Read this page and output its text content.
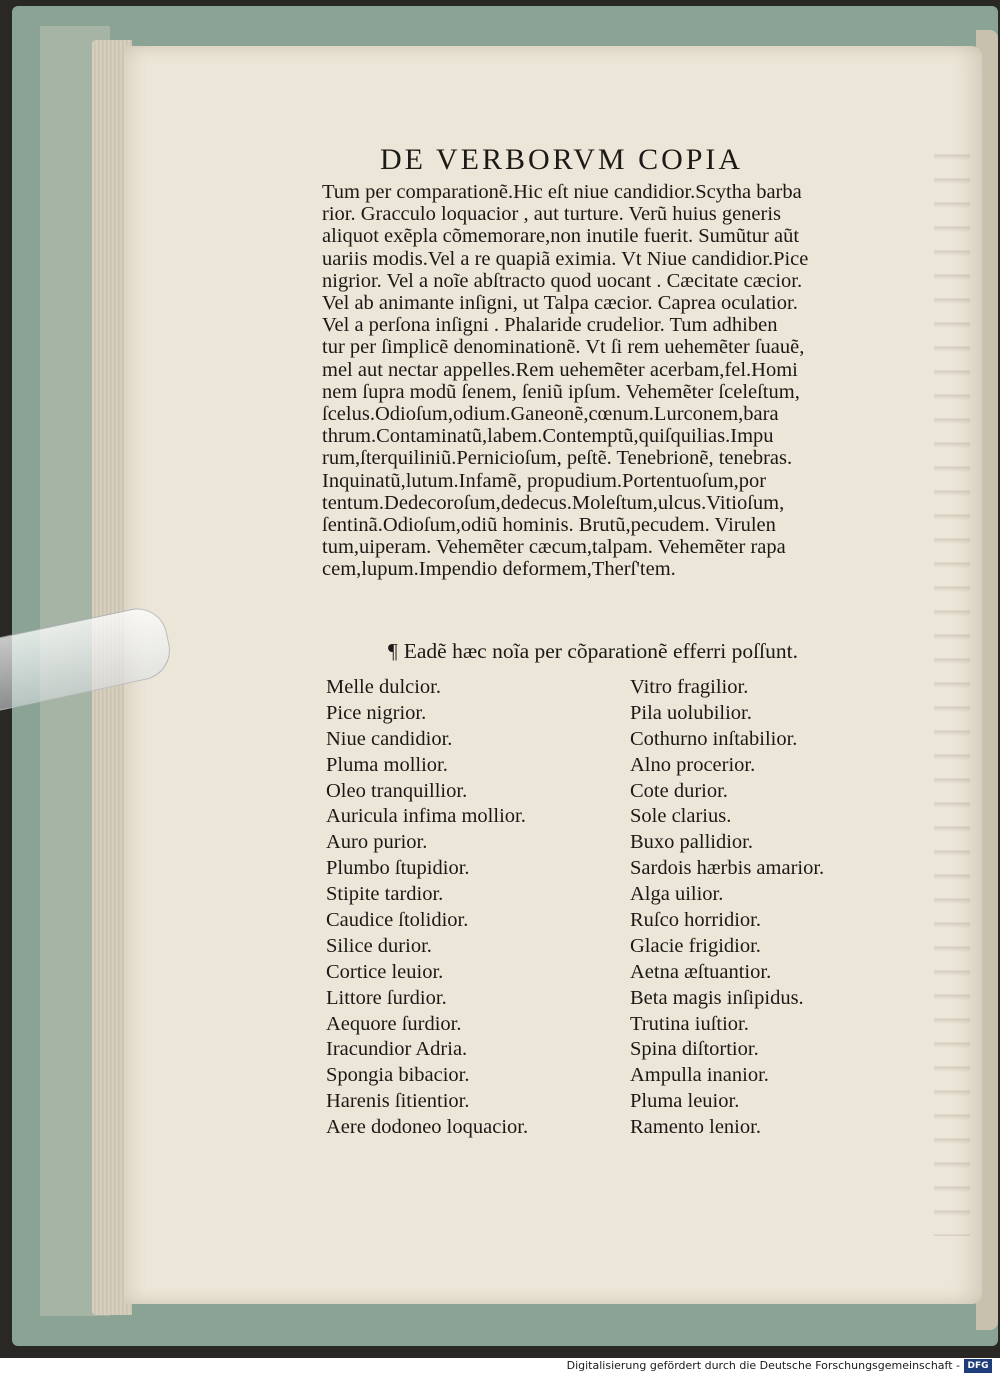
DE VERBORVM COPIA

Tum per comparationẽ.Hic eſt niue candidior.Scytha barba

rior. Gracculo loquacior , aut turture. Verũ huius generis

aliquot exẽpla cõmemorare,non inutile fuerit. Sumũtur aũt

uariis modis.Vel a re quapiã eximia. Vt Niue candidior.Pice

nigrior. Vel a noĩe abſtracto quod uocant . Cæcitate cæcior.

Vel ab animante inſigni, ut Talpa cæcior. Caprea oculatior.

Vel a perſona inſigni . Phalaride crudelior. Tum adhiben

tur per ſimplicẽ denominationẽ. Vt ſi rem uehemẽter ſuauẽ,

mel aut nectar appelles.Rem uehemẽter acerbam,fel.Homi

nem ſupra modũ ſenem, ſeniũ ipſum. Vehemẽter ſceleſtum,

ſcelus.Odioſum,odium.Ganeonẽ,cœnum.Lurconem,bara

thrum.Contaminatũ,labem.Contemptũ,quiſquilias.Impu

rum,ſterquiliniũ.Pernicioſum, peſtẽ. Tenebrionẽ, tenebras.

Inquinatũ,lutum.Infamẽ, propudium.Portentuoſum,por

tentum.Dedecoroſum,dedecus.Moleſtum,ulcus.Vitioſum,

ſentinã.Odioſum,odiũ hominis. Brutũ,pecudem. Virulen

tum,uiperam. Vehemẽter cæcum,talpam. Vehemẽter rapa

cem,lupum.Impendio deformem,Therſ'tem.

¶ Eadẽ hæc noĩa per cõparationẽ efferri poſſunt.
Melle dulcior.
Pice nigrior.
Niue candidior.
Pluma mollior.
Oleo tranquillior.
Auricula infima mollior.
Auro purior.
Plumbo ſtupidior.
Stipite tardior.
Caudice ſtolidior.
Silice durior.
Cortice leuior.
Littore ſurdior.
Aequore ſurdior.
Iracundior Adria.
Spongia bibacior.
Harenis ſitientior.
Aere dodoneo loquacior.
Vitro fragilior.
Pila uolubilior.
Cothurno inſtabilior.
Alno procerior.
Cote durior.
Sole clarius.
Buxo pallidior.
Sardois hærbis amarior.
Alga uilior.
Ruſco horridior.
Glacie frigidior.
Aetna æſtuantior.
Beta magis inſipidus.
Trutina iuſtior.
Spina diſtortior.
Ampulla inanior.
Pluma leuior.
Ramento lenior.
Digitalisierung gefördert durch die Deutsche Forschungsgemeinschaft - DFG
